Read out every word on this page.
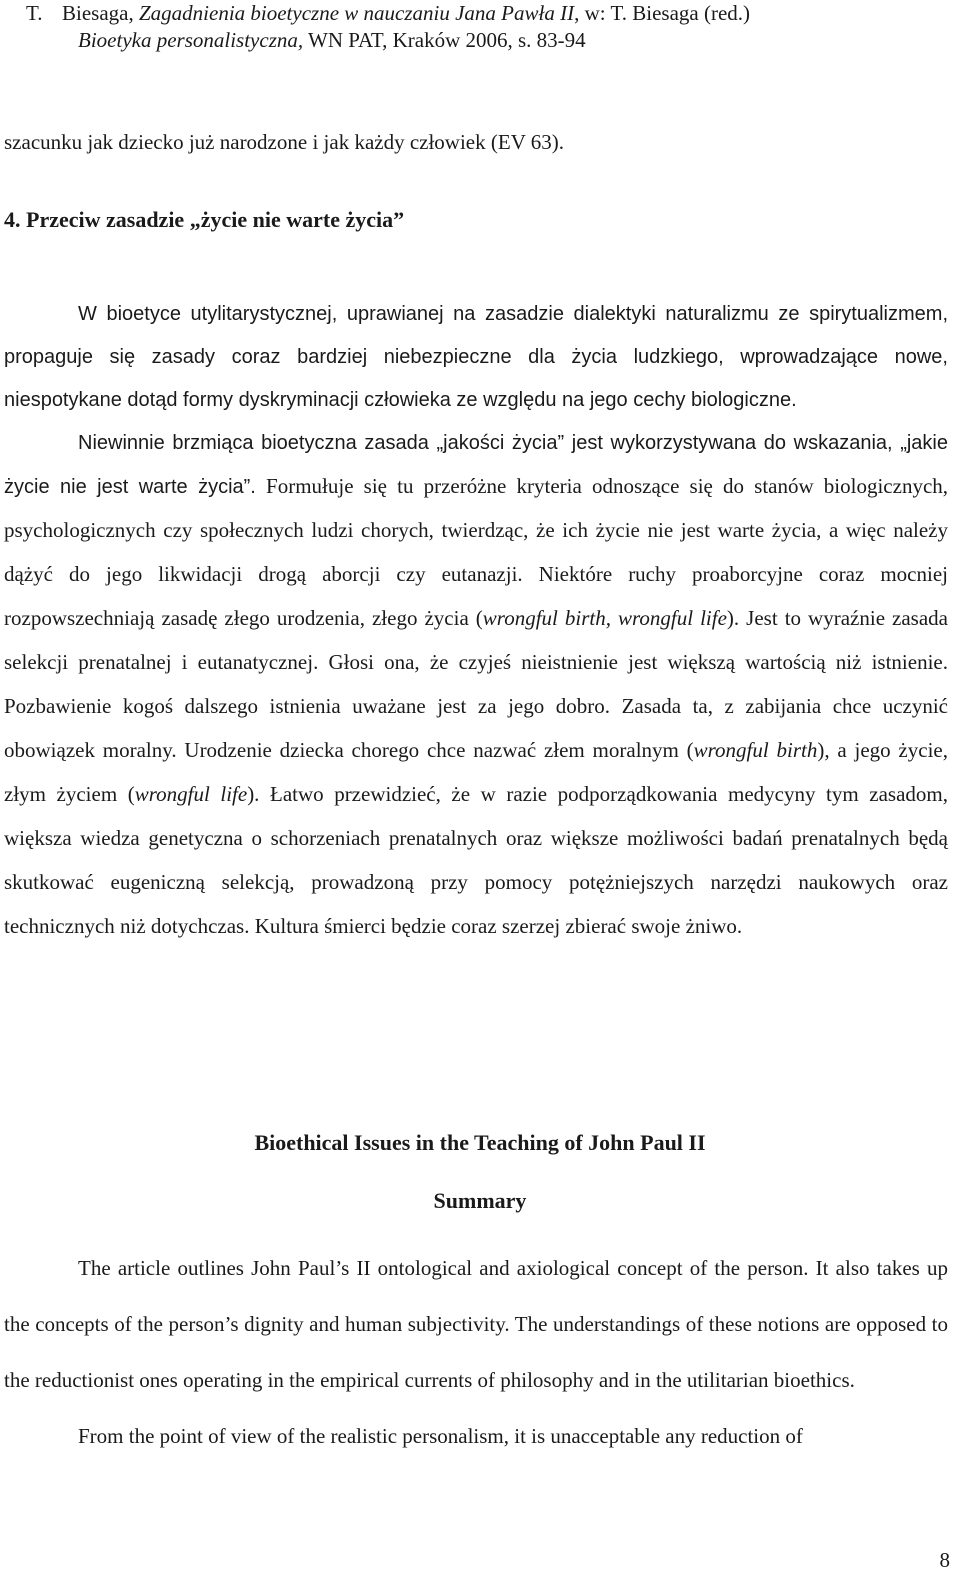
T. Biesaga, Zagadnienia bioetyczne w nauczaniu Jana Pawła II, w: T. Biesaga (red.)
Bioetyka personalistyczna, WN PAT, Kraków 2006, s. 83-94

szacunku jak dziecko już narodzone i jak każdy człowiek (EV 63).

4. Przeciw zasadzie „życie nie warte życia”

W bioetyce utylitarystycznej, uprawianej na zasadzie dialektyki naturalizmu ze spirytualizmem, propaguje się zasady coraz bardziej niebezpieczne dla życia ludzkiego, wprowadzające nowe, niespotykane dotąd formy dyskryminacji człowieka ze względu na jego cechy biologiczne.

Niewinnie brzmiąca bioetyczna zasada „jakości życia” jest wykorzystywana do wskazania, „jakie życie nie jest warte życia”. Formułuje się tu przeróżne kryteria odnoszące się do stanów biologicznych, psychologicznych czy społecznych ludzi chorych, twierdząc, że ich życie nie jest warte życia, a więc należy dążyć do jego likwidacji drogą aborcji czy eutanazji. Niektóre ruchy proaborcyjne coraz mocniej rozpowszechniają zasadę złego urodzenia, złego życia (wrongful birth, wrongful life). Jest to wyraźnie zasada selekcji prenatalnej i eutanatycznej. Głosi ona, że czyjeś nieistnienie jest większą wartością niż istnienie. Pozbawienie kogoś dalszego istnienia uważane jest za jego dobro. Zasada ta, z zabijania chce uczynić obowiązek moralny. Urodzenie dziecka chorego chce nazwać złem moralnym (wrongful birth), a jego życie, złym życiem (wrongful life). Łatwo przewidzieć, że w razie podporządkowania medycyny tym zasadom, większa wiedza genetyczna o schorzeniach prenatalnych oraz większe możliwości badań prenatalnych będą skutkować eugeniczną selekcją, prowadzoną przy pomocy potężniejszych narzędzi naukowych oraz technicznych niż dotychczas. Kultura śmierci będzie coraz szerzej zbierać swoje żniwo.

Bioethical Issues in the Teaching of John Paul II
Summary

The article outlines John Paul’s II ontological and axiological concept of the person. It also takes up the concepts of the person’s dignity and human subjectivity. The understandings of these notions are opposed to the reductionist ones operating in the empirical currents of philosophy and in the utilitarian bioethics.

From the point of view of the realistic personalism, it is unacceptable any reduction of

8
